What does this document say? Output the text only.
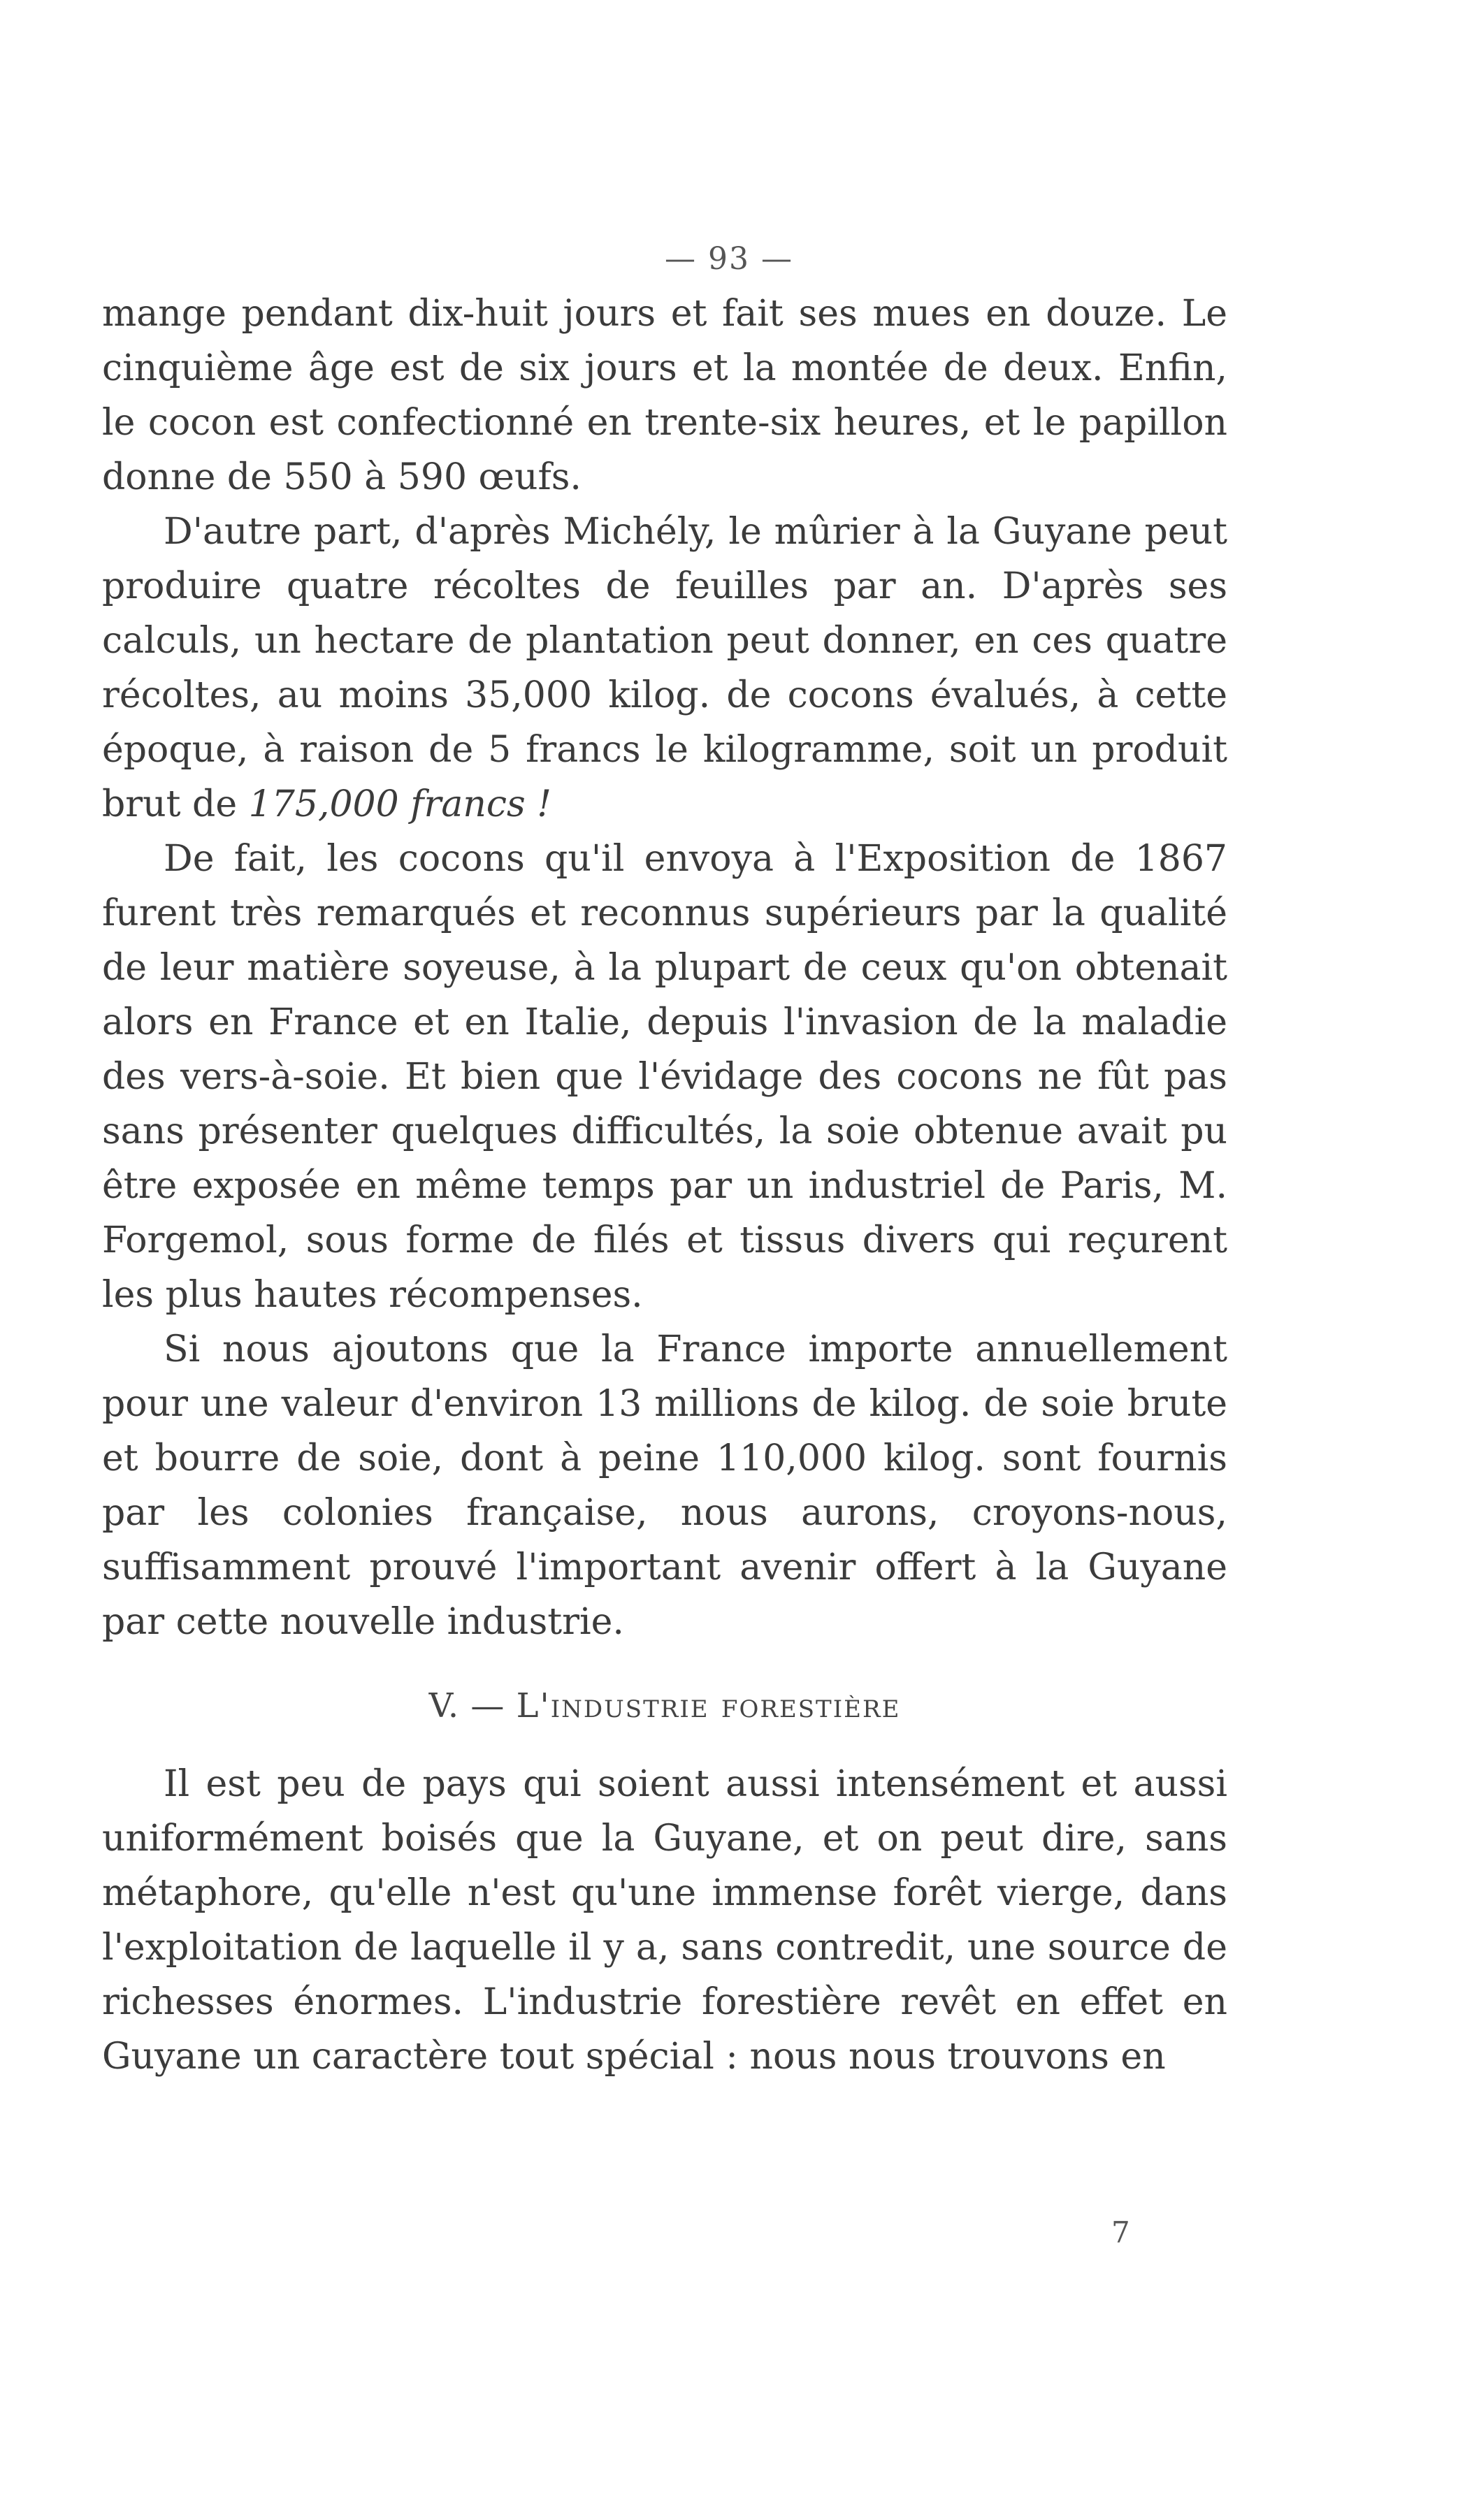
— 93 —

mange pendant dix-huit jours et fait ses mues en douze. Le cinquième âge est de six jours et la montée de deux. Enfin, le cocon est confectionné en trente-six heures, et le papillon donne de 550 à 590 œufs.

D'autre part, d'après Michély, le mûrier à la Guyane peut produire quatre récoltes de feuilles par an. D'après ses calculs, un hectare de plantation peut donner, en ces quatre récoltes, au moins 35,000 kilog. de cocons évalués, à cette époque, à raison de 5 francs le kilogramme, soit un produit brut de 175,000 francs !

De fait, les cocons qu'il envoya à l'Exposition de 1867 furent très remarqués et reconnus supérieurs par la qualité de leur matière soyeuse, à la plupart de ceux qu'on obtenait alors en France et en Italie, depuis l'invasion de la maladie des vers-à-soie. Et bien que l'évidage des cocons ne fût pas sans présenter quelques difficultés, la soie obtenue avait pu être exposée en même temps par un industriel de Paris, M. Forgemol, sous forme de filés et tissus divers qui reçurent les plus hautes récompenses.

Si nous ajoutons que la France importe annuellement pour une valeur d'environ 13 millions de kilog. de soie brute et bourre de soie, dont à peine 110,000 kilog. sont fournis par les colonies française, nous aurons, croyons-nous, suffisamment prouvé l'important avenir offert à la Guyane par cette nouvelle industrie.

V. — L'industrie forestière

Il est peu de pays qui soient aussi intensément et aussi uniformément boisés que la Guyane, et on peut dire, sans métaphore, qu'elle n'est qu'une immense forêt vierge, dans l'exploitation de laquelle il y a, sans contredit, une source de richesses énormes. L'industrie forestière revêt en effet en Guyane un caractère tout spécial : nous nous trouvons en

7
